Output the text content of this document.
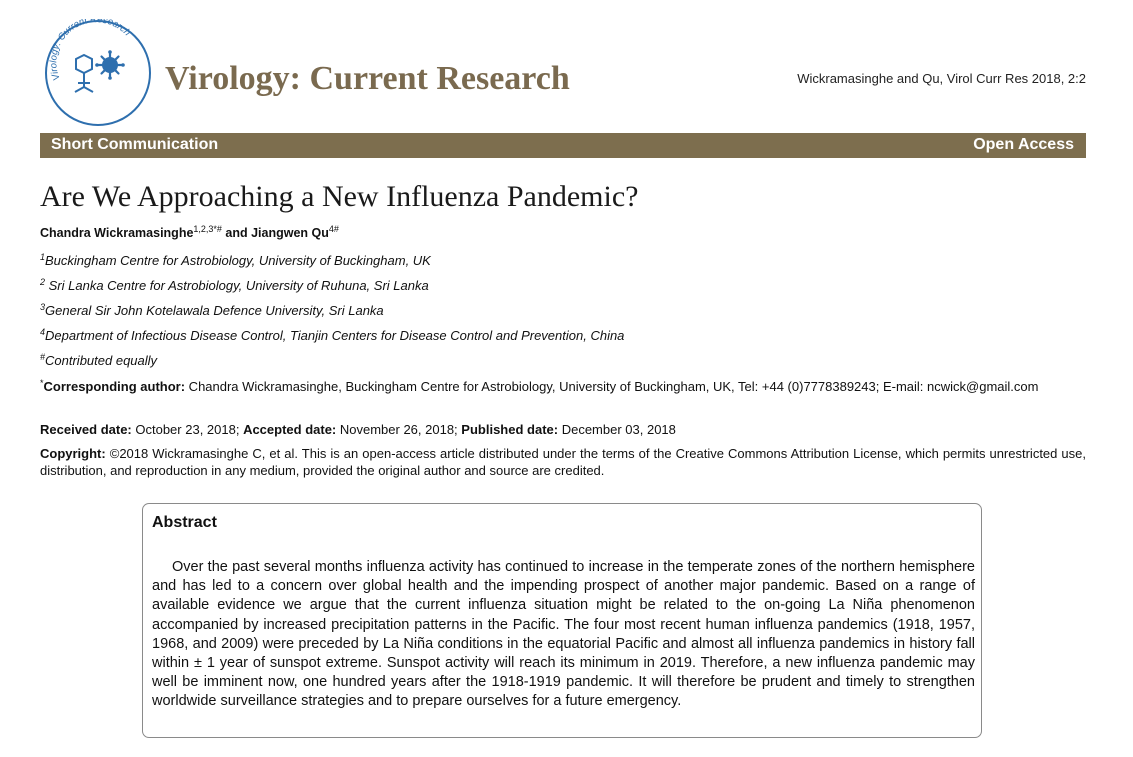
Virology: Current Research
Virology: Current Research	Wickramasinghe and Qu, Virol Curr Res 2018, 2:2
Short Communication	Open Access
Are We Approaching a New Influenza Pandemic?
Chandra Wickramasinghe$^{1,2,3*\#}$ and Jiangwen $Qu^{4\#}$
$^1$Buckingham Centre for Astrobiology, University of Buckingham, UK
$^2$ Sri Lanka Centre for Astrobiology, University of Ruhuna, Sri Lanka
$^3$General Sir John Kotelawala Defence University, Sri Lanka
$^4$Department of Infectious Disease Control, Tianjin Centers for Disease Control and Prevention, China
#Contributed equally
*Corresponding author: Chandra Wickramasinghe, Buckingham Centre for Astrobiology, University of Buckingham, UK, Tel: +44 (0)7778389243; E-mail: ncwick@gmail.com
Received date: October 23, 2018; Accepted date: November 26, 2018; Published date: December 03, 2018
Copyright: ©2018 Wickramasinghe C, et al. This is an open-access article distributed under the terms of the Creative Commons Attribution License, which permits unrestricted use, distribution, and reproduction in any medium, provided the original author and source are credited.
Abstract
Over the past several months influenza activity has continued to increase in the temperate zones of the northern hemisphere and has led to a concern over global health and the impending prospect of another major pandemic. Based on a range of available evidence we argue that the current influenza situation might be related to the on-going La Niña phenomenon accompanied by increased precipitation patterns in the Pacific. The four most recent human influenza pandemics (1918, 1957, 1968, and 2009) were preceded by La Niña conditions in the equatorial Pacific and almost all influenza pandemics in history fall within ± 1 year of sunspot extreme. Sunspot activity will reach its minimum in 2019. Therefore, a new influenza pandemic may well be imminent now, one hundred years after the 1918-1919 pandemic. It will therefore be prudent and timely to strengthen worldwide surveillance strategies and to prepare ourselves for a future emergency.
